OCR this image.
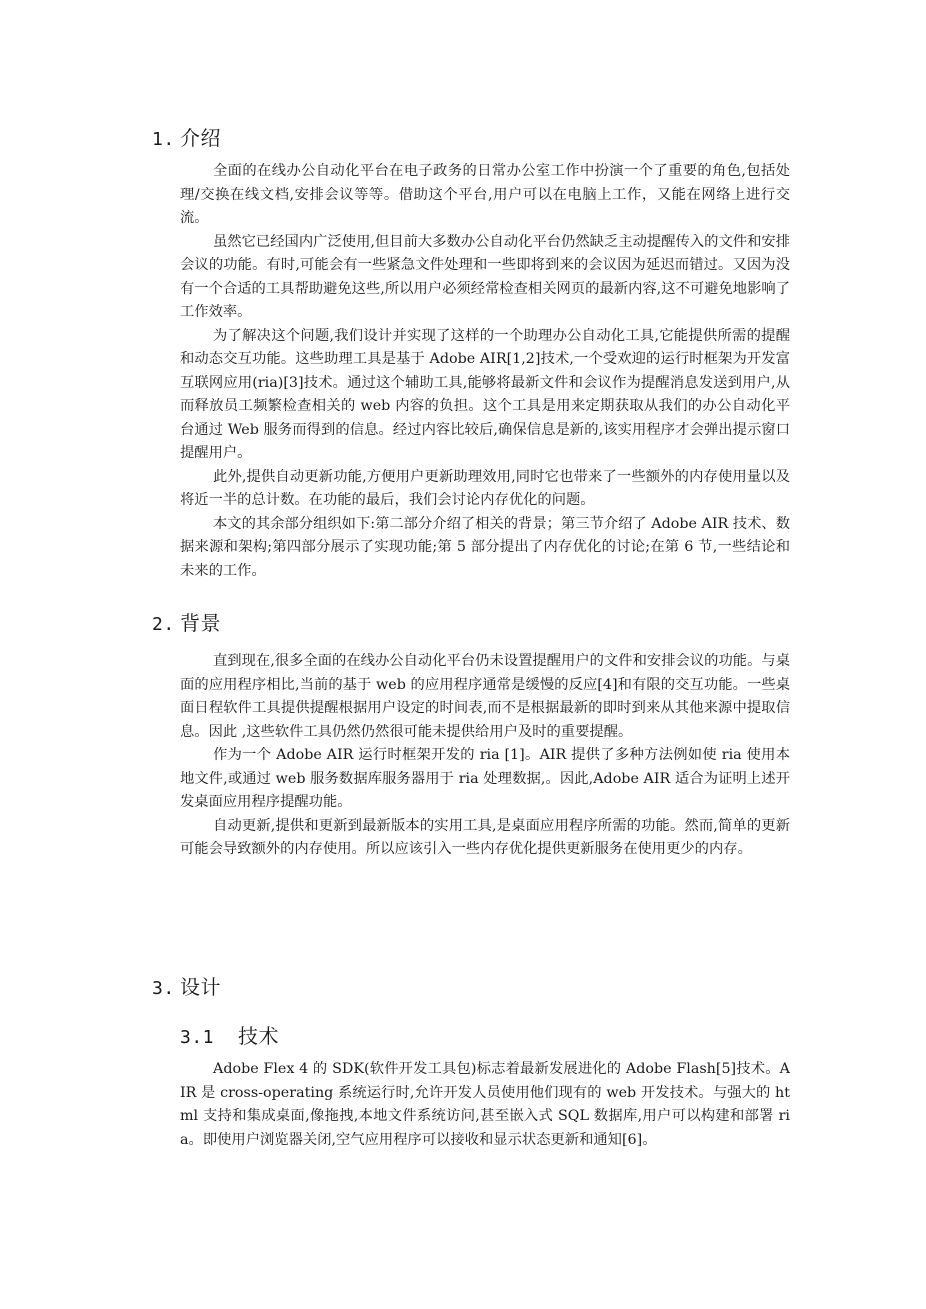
1. 介绍

全面的在线办公自动化平台在电子政务的日常办公室工作中扮演一个了重要的角色,包括处理/交换在线文档,安排会议等等。借助这个平台,用户可以在电脑上工作，又能在网络上进行交流。

虽然它已经国内广泛使用,但目前大多数办公自动化平台仍然缺乏主动提醒传入的文件和安排会议的功能。有时,可能会有一些紧急文件处理和一些即将到来的会议因为延迟而错过。又因为没有一个合适的工具帮助避免这些,所以用户必须经常检查相关网页的最新内容,这不可避免地影响了工作效率。

为了解决这个问题,我们设计并实现了这样的一个助理办公自动化工具,它能提供所需的提醒和动态交互功能。这些助理工具是基于 Adobe AIR[1,2]技术,一个受欢迎的运行时框架为开发富互联网应用(ria)[3]技术。通过这个辅助工具,能够将最新文件和会议作为提醒消息发送到用户,从而释放员工频繁检查相关的 web 内容的负担。这个工具是用来定期获取从我们的办公自动化平台通过 Web 服务而得到的信息。经过内容比较后,确保信息是新的,该实用程序才会弹出提示窗口提醒用户。

此外,提供自动更新功能,方便用户更新助理效用,同时它也带来了一些额外的内存使用量以及将近一半的总计数。在功能的最后，我们会讨论内存优化的问题。

本文的其余部分组织如下:第二部分介绍了相关的背景；第三节介绍了 Adobe AIR 技术、数据来源和架构;第四部分展示了实现功能;第 5 部分提出了内存优化的讨论;在第 6 节,一些结论和未来的工作。

2. 背景

直到现在,很多全面的在线办公自动化平台仍未设置提醒用户的文件和安排会议的功能。与桌面的应用程序相比,当前的基于 web 的应用程序通常是缓慢的反应[4]和有限的交互功能。一些桌面日程软件工具提供提醒根据用户设定的时间表,而不是根据最新的即时到来从其他来源中提取信息。因此 ,这些软件工具仍然仍然很可能未提供给用户及时的重要提醒。

作为一个 Adobe AIR 运行时框架开发的 ria [1]。AIR 提供了多种方法例如使 ria 使用本地文件,或通过 web 服务数据库服务器用于 ria 处理数据,。因此,Adobe AIR 适合为证明上述开发桌面应用程序提醒功能。

自动更新,提供和更新到最新版本的实用工具,是桌面应用程序所需的功能。然而,简单的更新可能会导致额外的内存使用。所以应该引入一些内存优化提供更新服务在使用更少的内存。

3. 设计
3.1 技术

Adobe Flex 4 的 SDK(软件开发工具包)标志着最新发展进化的 Adobe Flash[5]技术。AIR 是 cross-operating 系统运行时,允许开发人员使用他们现有的 web 开发技术。与强大的 html 支持和集成桌面,像拖拽,本地文件系统访问,甚至嵌入式 SQL 数据库,用户可以构建和部署 ria。即使用户浏览器关闭,空气应用程序可以接收和显示状态更新和通知[6]。
